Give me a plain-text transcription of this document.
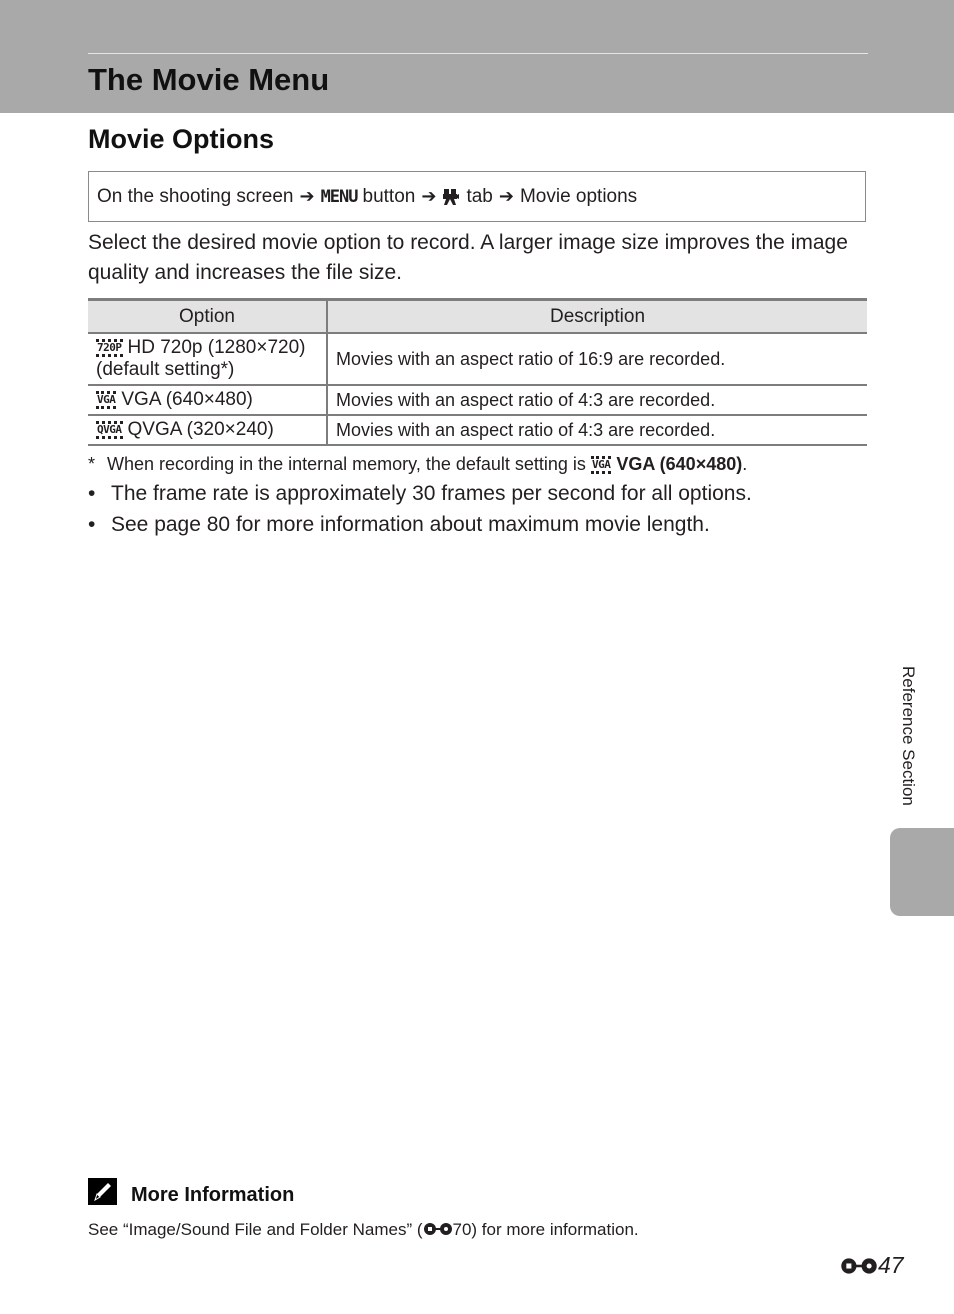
The Movie Menu
Movie Options
On the shooting screen ➔ MENU button ➔ tab ➔ Movie options

Select the desired movie option to record. A larger image size improves the image quality and increases the file size.

Option	Description
720P HD 720p (1280×720)
(default setting*)	Movies with an aspect ratio of 16:9 are recorded.
VGA VGA (640×480)	Movies with an aspect ratio of 4:3 are recorded.
QVGA QVGA (320×240)	Movies with an aspect ratio of 4:3 are recorded.

* When recording in the internal memory, the default setting is VGA VGA (640×480).

• The frame rate is approximately 30 frames per second for all options.
• See page 80 for more information about maximum movie length.
Reference Section
More Information

See “Image/Sound File and Folder Names” ( 70) for more information.

47
